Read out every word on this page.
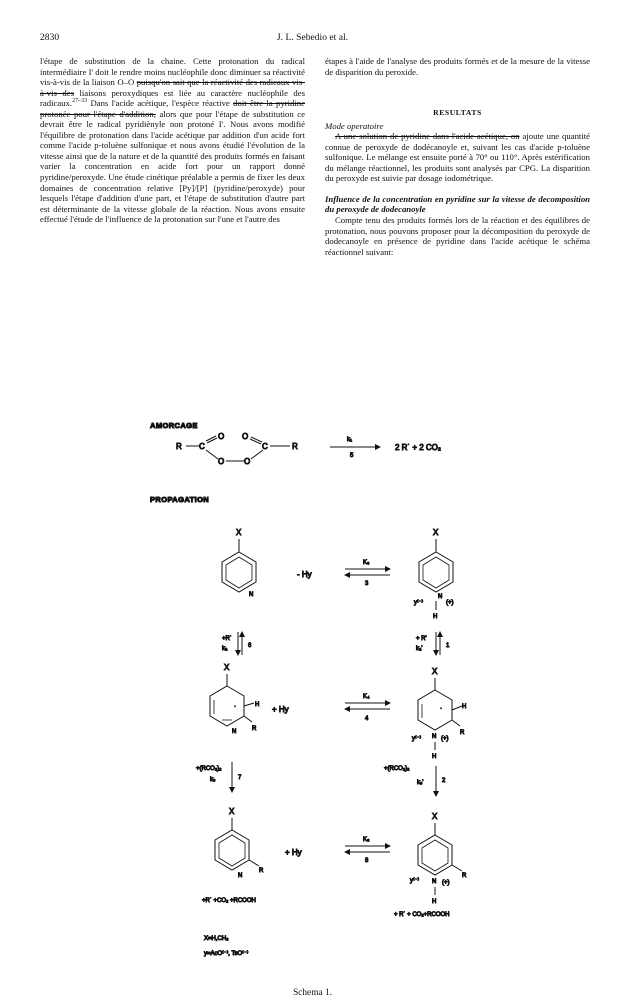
2830	J. L. Sebedio et al.

l'étape de substitution de la chaine. Cette protonation du radical intermédiaire I' doit le rendre moins nucléophile donc diminuer sa réactivité vis-à-vis de la liaison O–O puisqu'on sait que la réactivité des radicaux vis-à-vis des liaisons peroxydiques est liée au caractère nucléophile des radicaux.$^{27-33}$ Dans l'acide acétique, l'espèce réactive doit être la pyridine protonée pour l'étape d'addition, alors que pour l'étape de substitution ce devrait être le radical pyridiènyle non protoné I'. Nous avons modifié l'équilibre de protonation dans l'acide acétique par addition d'un acide fort comme l'acide p-toluène sulfonique et nous avons étudié l'évolution de la vitesse ainsi que de la nature et de la quantité des produits formés en faisant varier la concentration en acide fort pour un rapport donné pyridine/peroxyde. Une étude cinétique préalable a permis de fixer les deux domaines de concentration relative [Py]/[P] (pyridine/peroxyde) pour lesquels l'étape d'addition d'une part, et l'étape de substitution d'autre part est déterminante de la vitesse globale de la réaction. Nous avons ensuite effectué l'étude de l'influence de la protonation sur l'une et l'autre des

étapes à l'aide de l'analyse des produits formés et de la mesure de la vitesse de disparition du peroxide.

RESULTATS

Mode operatoire

A une solution de pyridine dans l'acide acétique, on ajoute une quantité connue de peroxyde de dodécanoyle et, suivant les cas d'acide p-toluène sulfonique. Le mélange est ensuite porté à 70° ou 110°. Après estérification du mélange réactionnel, les produits sont analysés par CPG. La disparition du peroxyde est suivie par dosage iodométrique.

Influence de la concentration en pyridine sur la vitesse de decomposition du peroxyde de dodecanoyle

Compte tenu des produits formés lors de la réaction et des équilibres de protonation, nous pouvons proposer pour la décomposition du peroxyde de dodecanoyle en présence de pyridine dans l'acide acétique le schéma réactionnel suivant:

AMORCAGE
R C
O
O O
O
C	R
k₁
5
2 R˙ + 2 CO₂
PROPAGATION
X
N
- Hy
K₃
3
X
N
y⁽⁻⁾	(+)
H
+R˙
kₐ	6
+ R'
kₐ'	1
X
·	H
R
N
+ Hy
K₄
4
X
·	H
R
N
y⁽⁻⁾	(+)
H
+(RCO₂)₂
kₑ	7
+(RCO₂)₂
kₑ'	2
X
R
N
+ Hy
K₈
8
X
R
N
y⁽⁻⁾	(+)
H
+R˙ +CO₂ +RCOOH
+ R˙ + CO₂+RCOOH
X=H,CH₃
y=AcO⁽⁻⁾, TsO⁽⁻⁾
Schema 1.
